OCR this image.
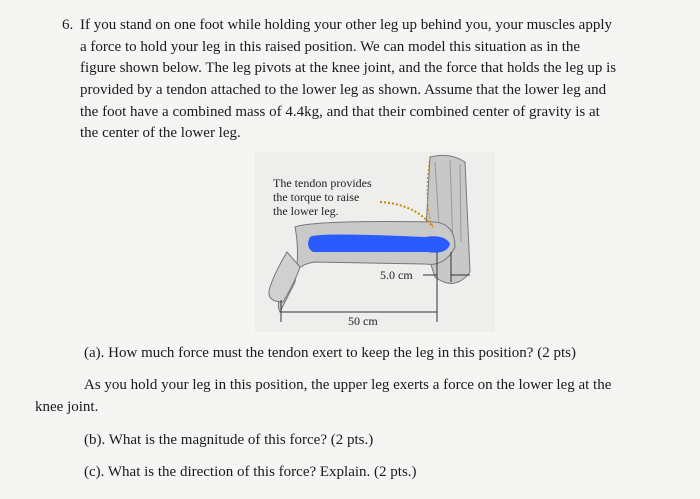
6. If you stand on one foot while holding your other leg up behind you, your muscles apply
a force to hold your leg in this raised position. We can model this situation as in the
figure shown below. The leg pivots at the knee joint, and the force that holds the leg up is
provided by a tendon attached to the lower leg as shown. Assume that the lower leg and
the foot have a combined mass of 4.4kg, and that their combined center of gravity is at
the center of the lower leg.
The tendon provides
the torque to raise
the lower leg.
5.0 cm
50 cm
(a). How much force must the tendon exert to keep the leg in this position? (2 pts)
As you hold your leg in this position, the upper leg exerts a force on the lower leg at the
knee joint.
(b). What is the magnitude of this force? (2 pts.)
(c). What is the direction of this force? Explain. (2 pts.)
